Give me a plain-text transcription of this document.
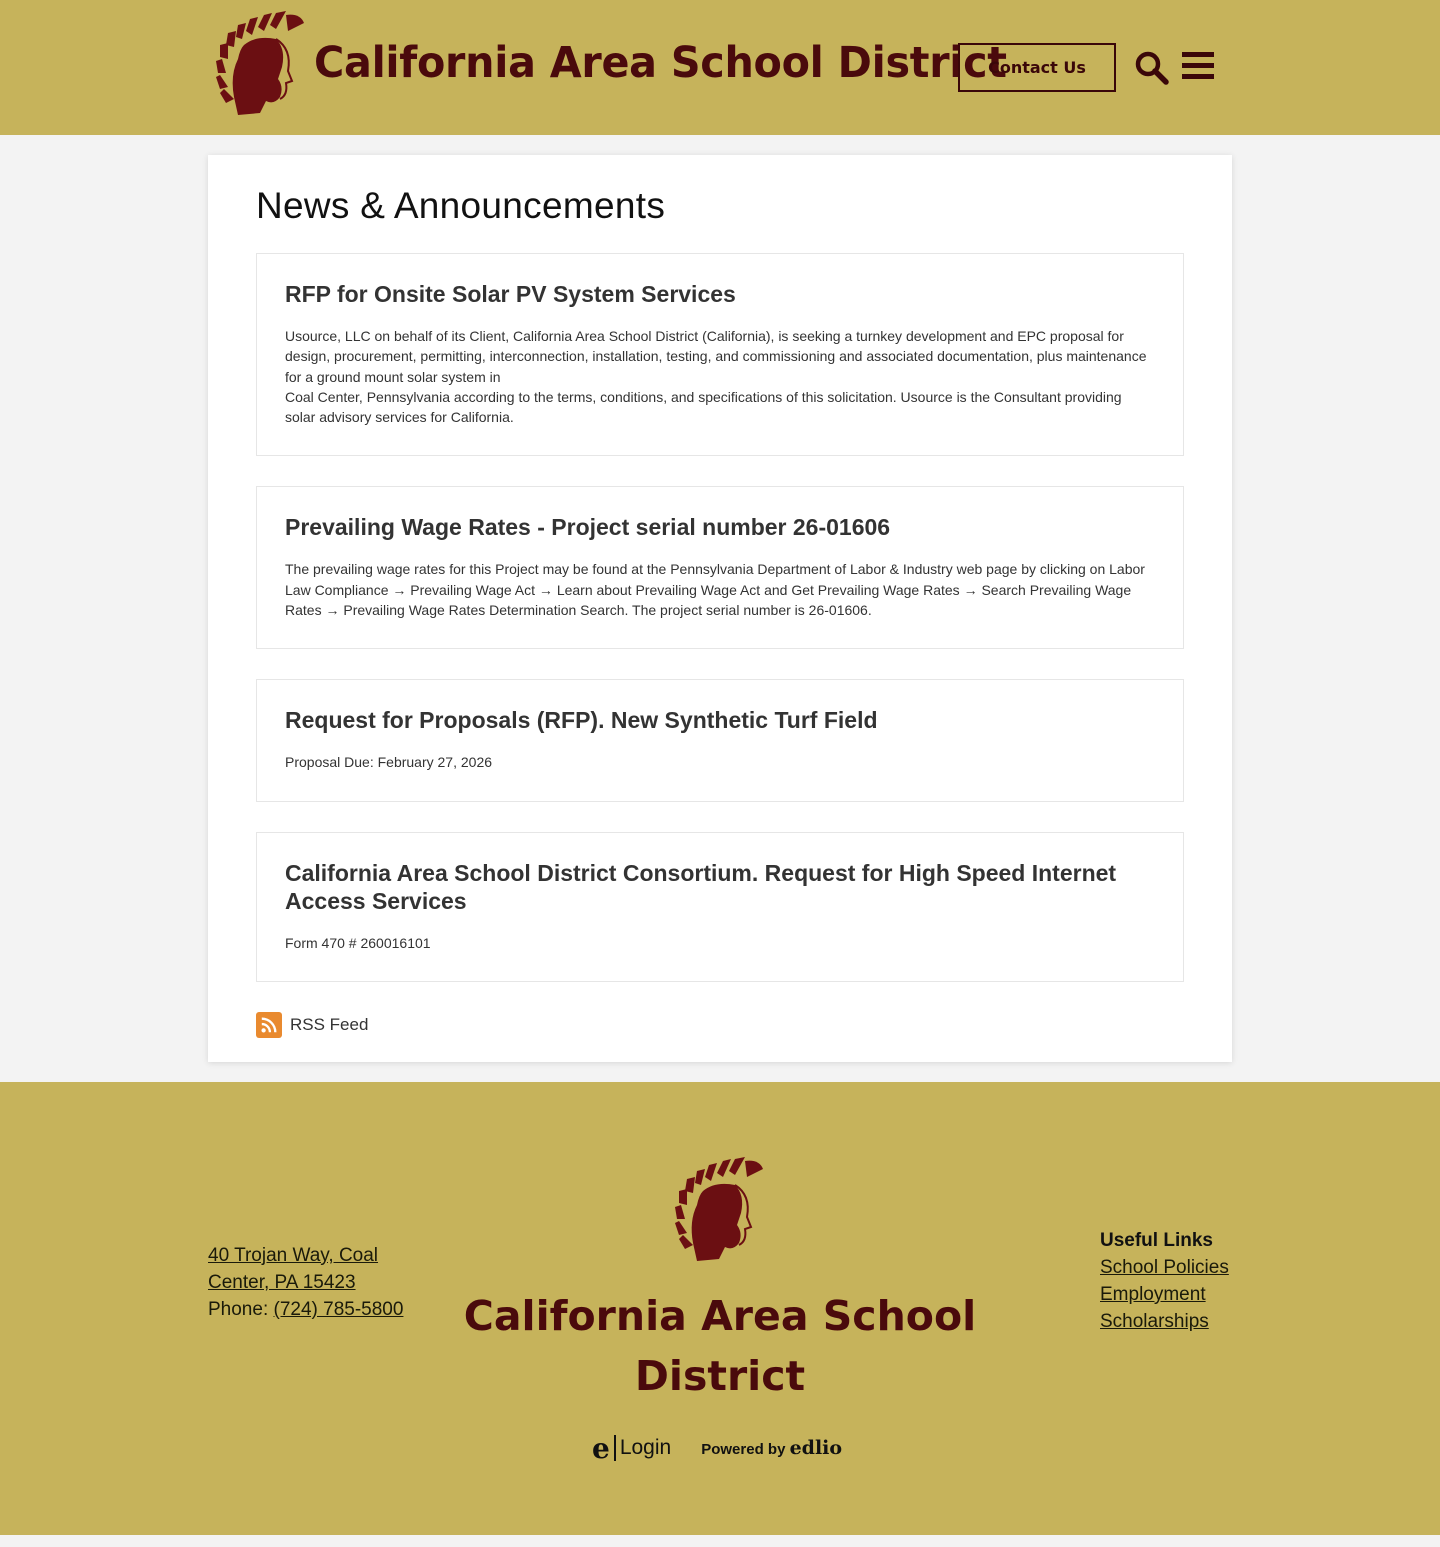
California Area School District
Contact Us
News & Announcements
RFP for Onsite Solar PV System Services

Usource, LLC on behalf of its Client, California Area School District (California), is seeking a turnkey development and EPC proposal for design, procurement, permitting, interconnection, installation, testing, and commissioning and associated documentation, plus maintenance for a ground mount solar system in

Coal Center, Pennsylvania according to the terms, conditions, and specifications of this solicitation. Usource is the Consultant providing solar advisory services for California.

Prevailing Wage Rates - Project serial number 26-01606

The prevailing wage rates for this Project may be found at the Pennsylvania Department of Labor & Industry web page by clicking on Labor Law Compliance → Prevailing Wage Act → Learn about Prevailing Wage Act and Get Prevailing Wage Rates → Search Prevailing Wage Rates → Prevailing Wage Rates Determination Search. The project serial number is 26-01606.

Request for Proposals (RFP). New Synthetic Turf Field

Proposal Due: February 27, 2026

California Area School District Consortium. Request for High Speed Internet Access Services

Form 470 # 260016101

RSS Feed
40 Trojan Way, Coal Center, PA 15423
Phone: (724) 785-5800	California Area School District
e Login Powered by edlio
Useful Links
School Policies
Employment
Scholarships
